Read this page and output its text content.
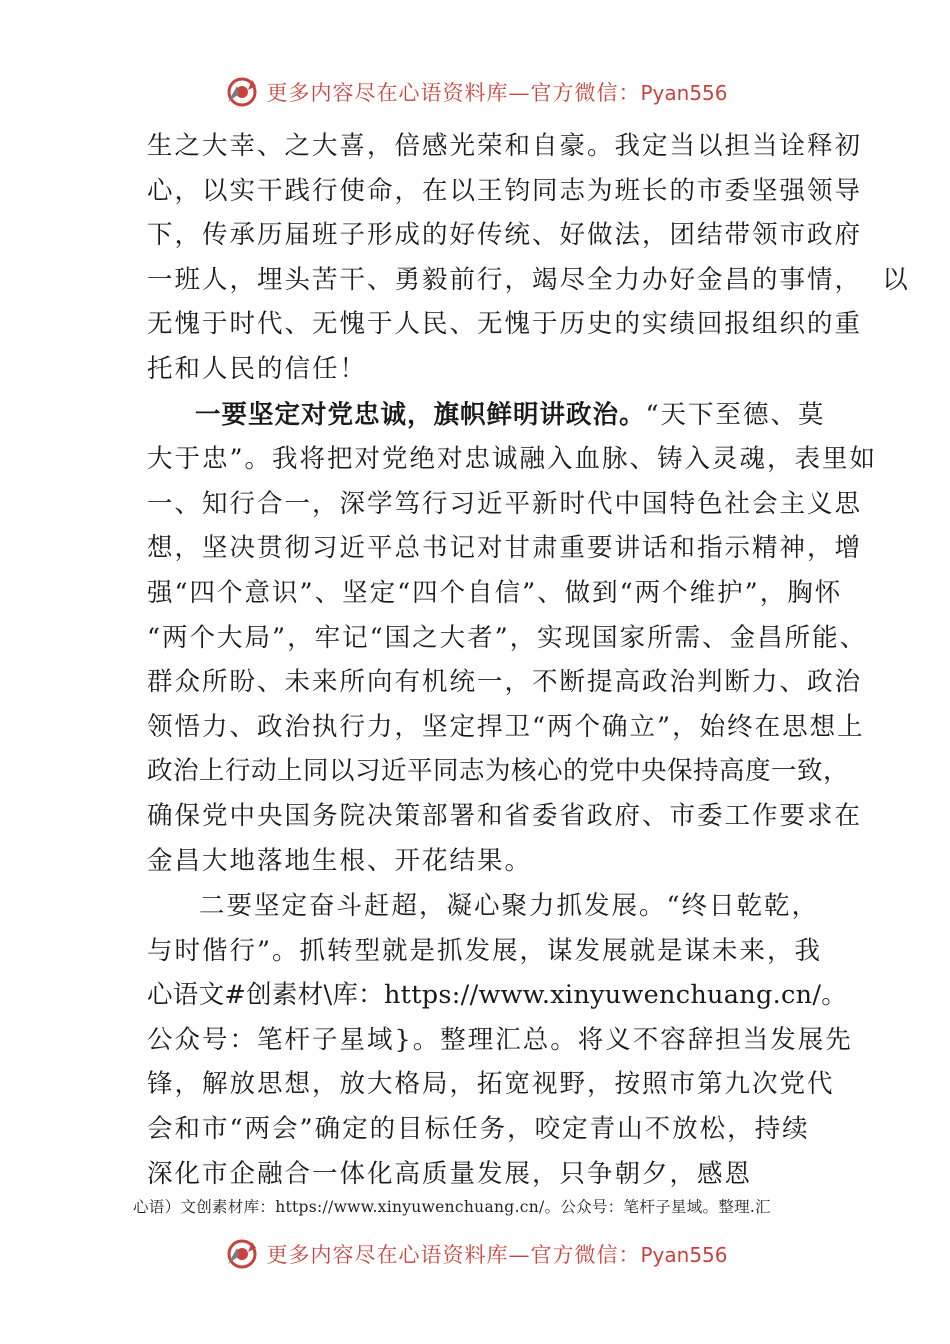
更多内容尽在心语资料库—官方微信：Pyan556
生之大幸、之大喜，倍感光荣和自豪。我定当以担当诠释初
心，以实干践行使命，在以王钧同志为班长的市委坚强领导
下，传承历届班子形成的好传统、好做法，团结带领市政府
一班人，埋头苦干、勇毅前行，竭尽全力办好金昌的事情，  以
无愧于时代、无愧于人民、无愧于历史的实绩回报组织的重
托和人民的信任！
一要坚定对党忠诚，旗帜鲜明讲政治。“天下至德、莫
大于忠”。我将把对党绝对忠诚融入血脉、铸入灵魂，表里如
一、知行合一，深学笃行习近平新时代中国特色社会主义思
想，坚决贯彻习近平总书记对甘肃重要讲话和指示精神，增
强“四个意识”、坚定“四个自信”、做到“两个维护”，胸怀
“两个大局”，牢记“国之大者”，实现国家所需、金昌所能、
群众所盼、未来所向有机统一，不断提高政治判断力、政治
领悟力、政治执行力，坚定捍卫“两个确立”，始终在思想上
政治上行动上同以习近平同志为核心的党中央保持高度一致，
确保党中央国务院决策部署和省委省政府、市委工作要求在
金昌大地落地生根、开花结果。
二要坚定奋斗赶超，凝心聚力抓发展。“终日乾乾，
与时偕行”。抓转型就是抓发展，谋发展就是谋未来，我
心语文#创素材\库：https://www.xinyuwenchuang.cn/。
公众号：笔杆子星域}。整理汇总。将义不容辞担当发展先
锋，解放思想，放大格局，拓宽视野，按照市第九次党代
会和市“两会”确定的目标任务，咬定青山不放松，持续
深化市企融合一体化高质量发展，只争朝夕，感恩
心语）文创素材库：https://www.xinyuwenchuang.cn/。公众号：笔杆子星域。整理.汇
更多内容尽在心语资料库—官方微信：Pyan556
